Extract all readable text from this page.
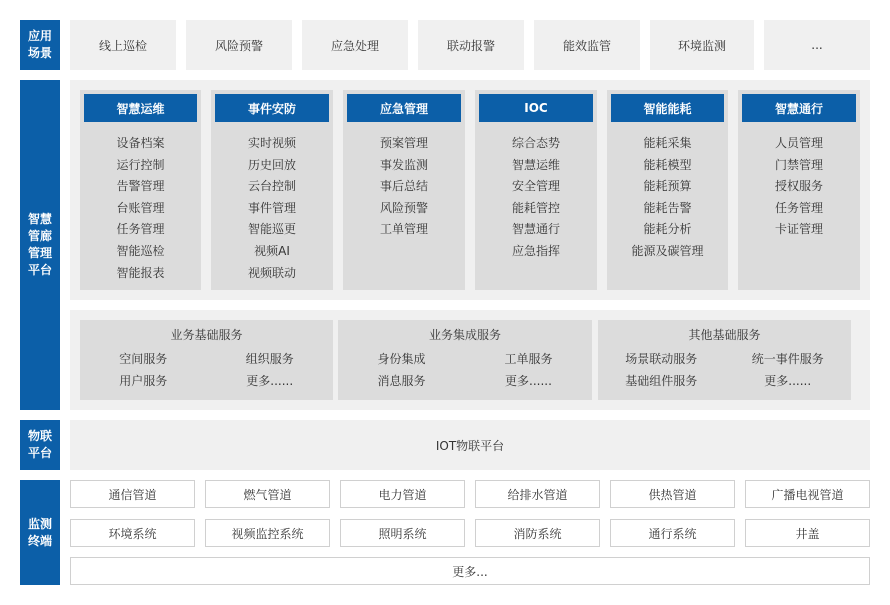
应用场景
线上巡检	风险预警	应急处理	联动报警	能效监管	环境监测	...
智慧管廊管理平台
智慧运维
设备档案
运行控制
告警管理
台账管理
任务管理
智能巡检
智能报表
事件安防
实时视频
历史回放
云台控制
事件管理
智能巡更
视频AI
视频联动
应急管理
预案管理
事发监测
事后总结
风险预警
工单管理
IOC
综合态势
智慧运维
安全管理
能耗管控
智慧通行
应急指挥
智能能耗
能耗采集
能耗模型
能耗预算
能耗告警
能耗分析
能源及碳管理
智慧通行
人员管理
门禁管理
授权服务
任务管理
卡证管理
业务基础服务
空间服务	组织服务
用户服务	更多......
业务集成服务
身份集成	工单服务
消息服务	更多......
其他基础服务
场景联动服务	统一事件服务
基础组件服务	更多......
物联平台
IOT物联平台
监测终端
通信管道	燃气管道	电力管道	给排水管道	供热管道	广播电视管道
环境系统	视频监控系统	照明系统	消防系统	通行系统	井盖
更多...
